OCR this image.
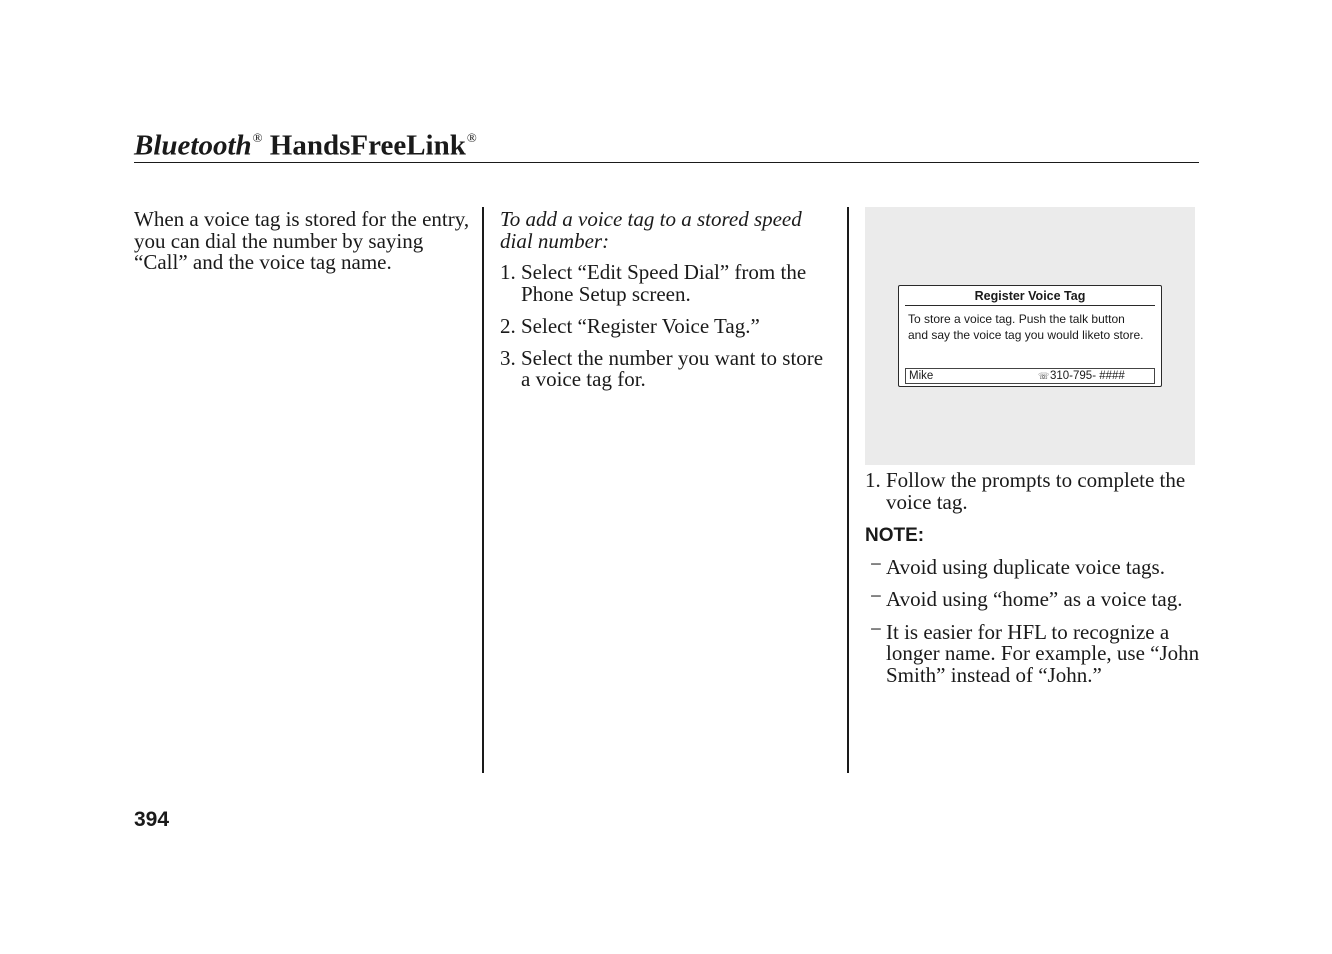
Bluetooth® HandsFreeLink®

When a voice tag is stored for the entry, you can dial the number by saying “Call” and the voice tag name.

To add a voice tag to a stored speed dial number:

1. Select “Edit Speed Dial” from the Phone Setup screen.
2. Select “Register Voice Tag.”
3. Select the number you want to store a voice tag for.
Register Voice Tag
To store a voice tag. Push the talk button and say the voice tag you would liketo store.
Mike	☏ 310-795- ####
1. Follow the prompts to complete the voice tag.
NOTE:
− Avoid using duplicate voice tags.
− Avoid using “home” as a voice tag.
− It is easier for HFL to recognize a longer name. For example, use “John Smith” instead of “John.”
394
